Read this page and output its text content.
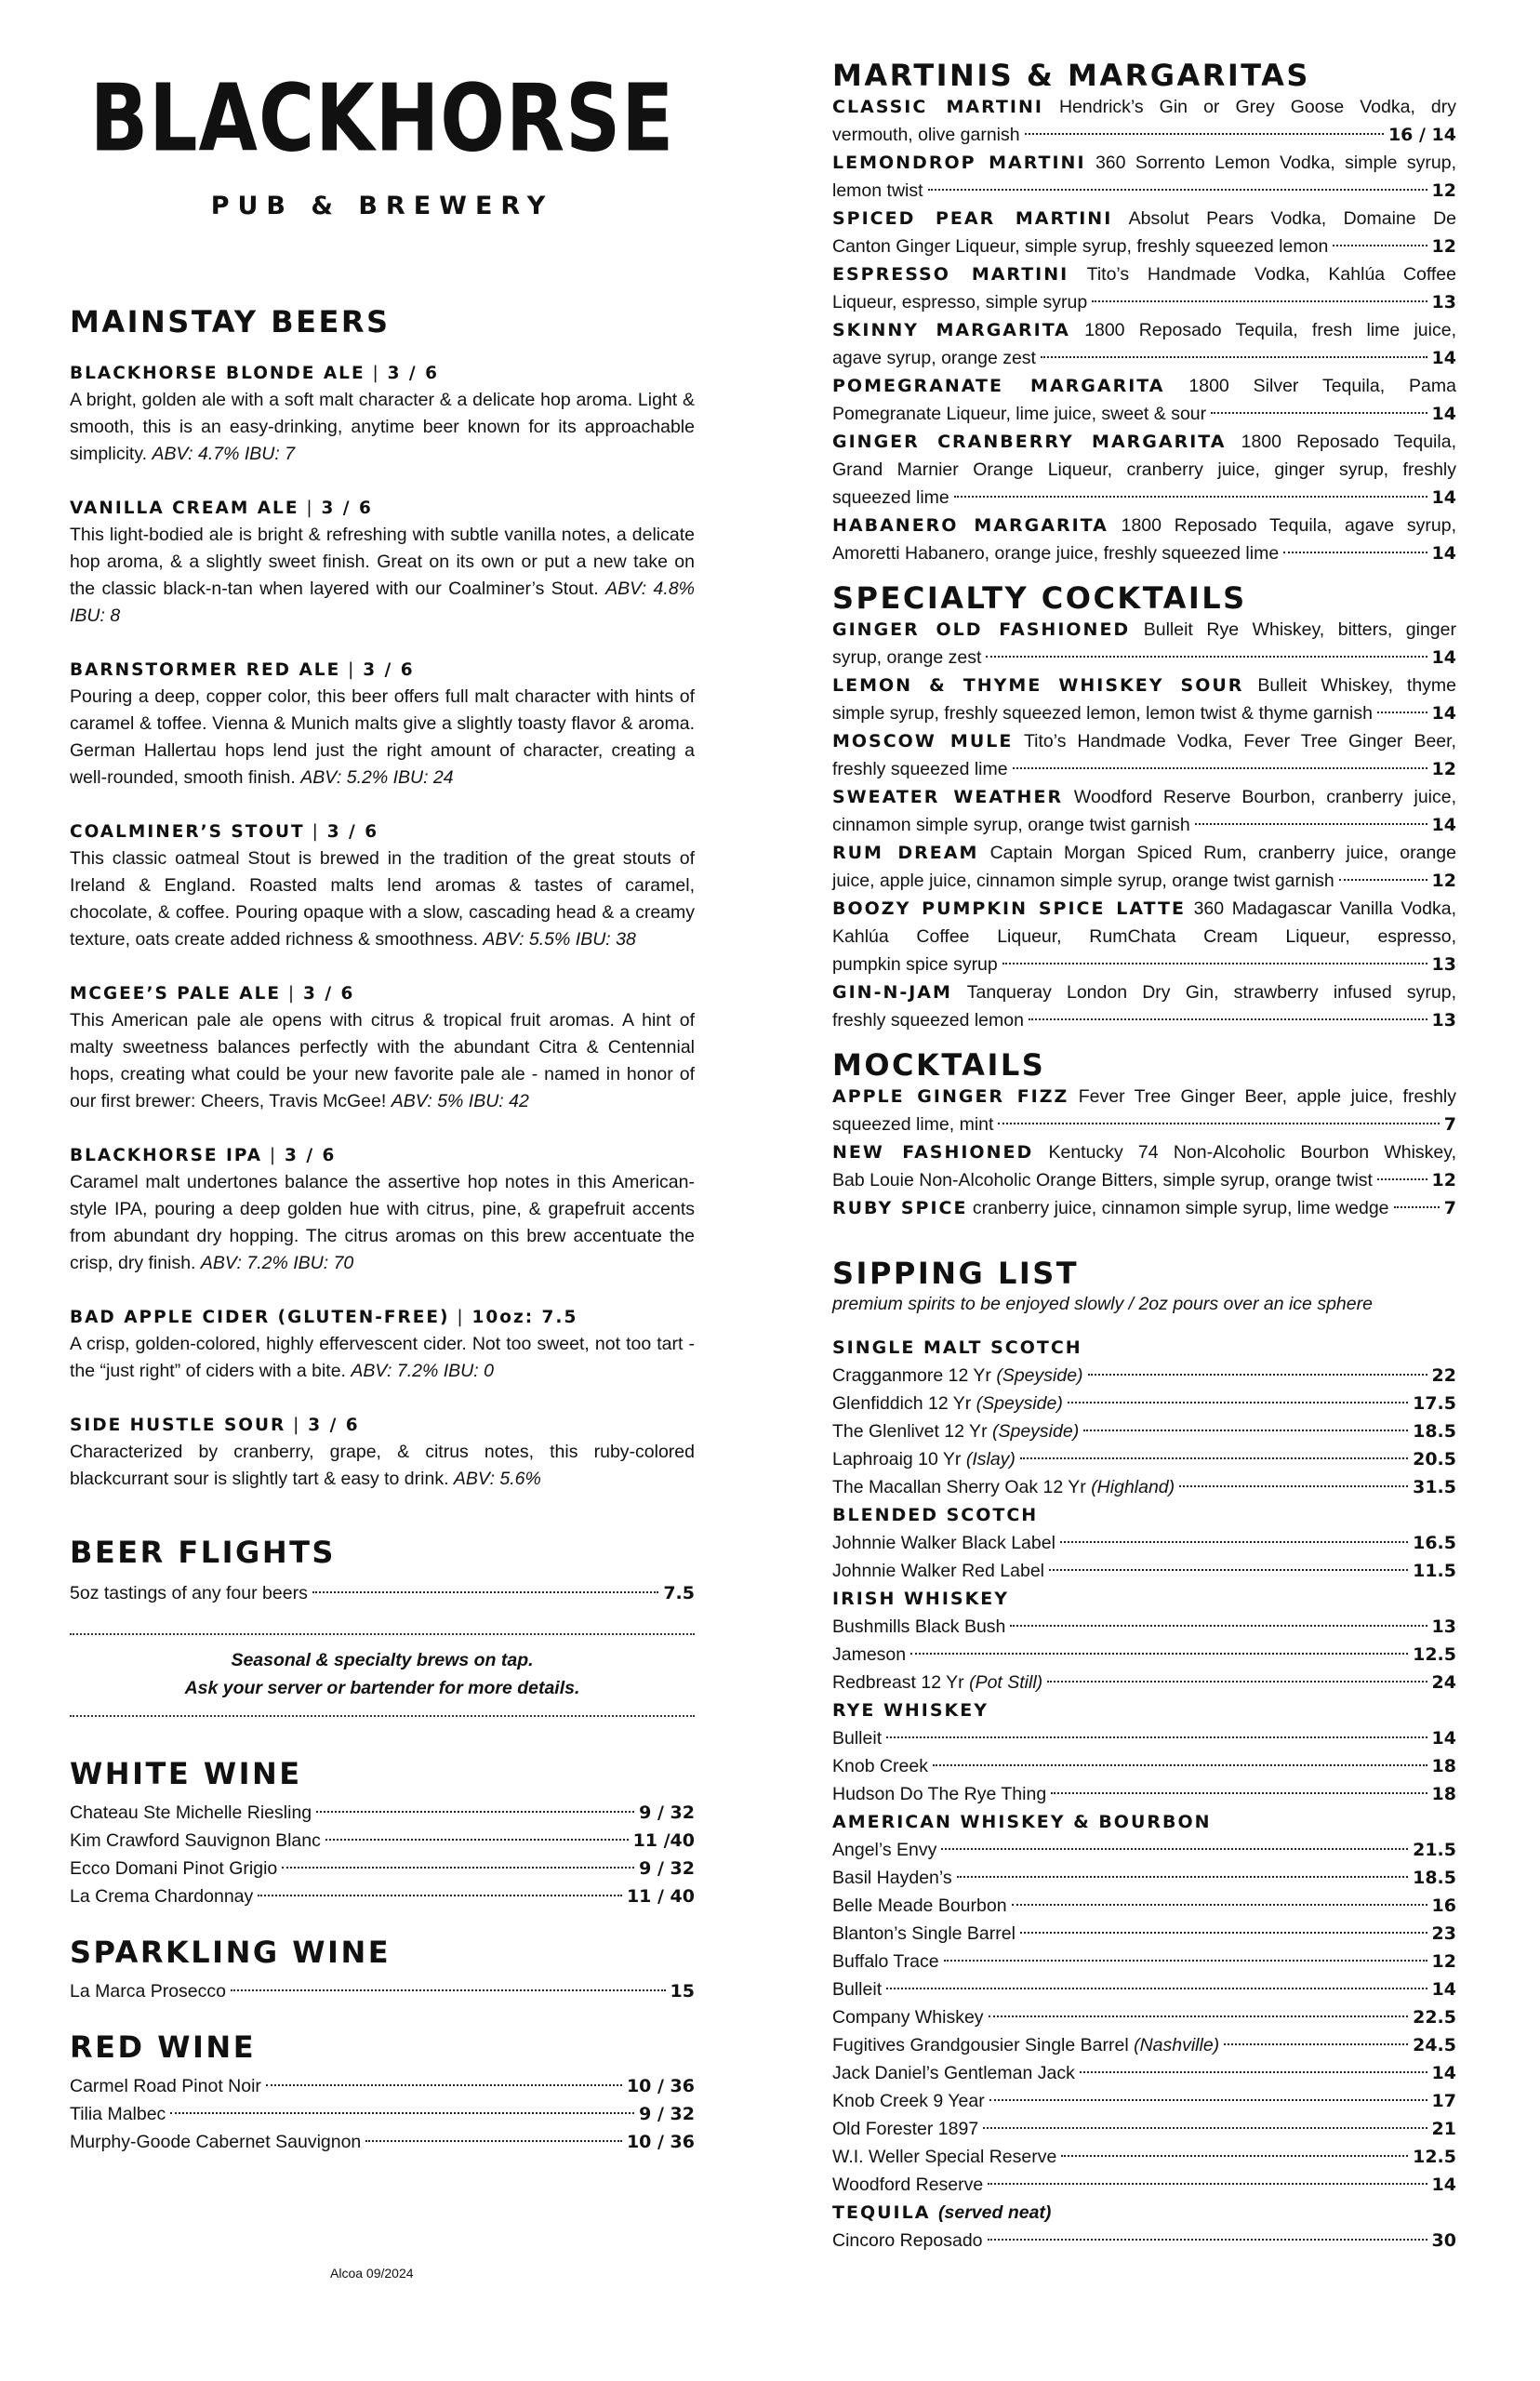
BLACKHORSE
PUB & BREWERY
MAINSTAY BEERS
BLACKHORSE BLONDE ALE | 3 / 6
A bright, golden ale with a soft malt character & a delicate hop aroma. Light & smooth, this is an easy-drinking, anytime beer known for its approachable simplicity. ABV: 4.7% IBU: 7
VANILLA CREAM ALE | 3 / 6
This light-bodied ale is bright & refreshing with subtle vanilla notes, a delicate hop aroma, & a slightly sweet finish. Great on its own or put a new take on the classic black-n-tan when layered with our Coalminer’s Stout. ABV: 4.8% IBU: 8
BARNSTORMER RED ALE | 3 / 6
Pouring a deep, copper color, this beer offers full malt character with hints of caramel & toffee. Vienna & Munich malts give a slightly toasty flavor & aroma. German Hallertau hops lend just the right amount of character, creating a well-rounded, smooth finish. ABV: 5.2% IBU: 24
COALMINER’S STOUT | 3 / 6
This classic oatmeal Stout is brewed in the tradition of the great stouts of Ireland & England. Roasted malts lend aromas & tastes of caramel, chocolate, & coffee. Pouring opaque with a slow, cascading head & a creamy texture, oats create added richness & smoothness. ABV: 5.5% IBU: 38
MCGEE’S PALE ALE | 3 / 6
This American pale ale opens with citrus & tropical fruit aromas. A hint of malty sweetness balances perfectly with the abundant Citra & Centennial hops, creating what could be your new favorite pale ale - named in honor of our first brewer: Cheers, Travis McGee! ABV: 5% IBU: 42
BLACKHORSE IPA | 3 / 6
Caramel malt undertones balance the assertive hop notes in this American-style IPA, pouring a deep golden hue with citrus, pine, & grapefruit accents from abundant dry hopping. The citrus aromas on this brew accentuate the crisp, dry finish. ABV: 7.2% IBU: 70
BAD APPLE CIDER (GLUTEN-FREE) | 10oz: 7.5
A crisp, golden-colored, highly effervescent cider. Not too sweet, not too tart - the “just right” of ciders with a bite. ABV: 7.2% IBU: 0
SIDE HUSTLE SOUR | 3 / 6
Characterized by cranberry, grape, & citrus notes, this ruby-colored blackcurrant sour is slightly tart & easy to drink. ABV: 5.6%
BEER FLIGHTS
5oz tastings of any four beers	7.5
Seasonal & specialty brews on tap.
Ask your server or bartender for more details.
WHITE WINE
Chateau Ste Michelle Riesling	9 / 32
Kim Crawford Sauvignon Blanc	11 /40
Ecco Domani Pinot Grigio	9 / 32
La Crema Chardonnay	11 / 40
SPARKLING WINE
La Marca Prosecco	15
RED WINE
Carmel Road Pinot Noir	10 / 36
Tilia Malbec	9 / 32
Murphy-Goode Cabernet Sauvignon	10 / 36
Alcoa 09/2024
MARTINIS & MARGARITAS
CLASSIC MARTINI Hendrick’s Gin or Grey Goose Vodka, dry
vermouth, olive garnish	16 / 14
LEMONDROP MARTINI 360 Sorrento Lemon Vodka, simple syrup,
lemon twist	12
SPICED PEAR MARTINI Absolut Pears Vodka, Domaine De
Canton Ginger Liqueur, simple syrup, freshly squeezed lemon	12
ESPRESSO MARTINI Tito’s Handmade Vodka, Kahlúa Coffee
Liqueur, espresso, simple syrup	13
SKINNY MARGARITA 1800 Reposado Tequila, fresh lime juice,
agave syrup, orange zest	14
POMEGRANATE MARGARITA 1800 Silver Tequila, Pama
Pomegranate Liqueur, lime juice, sweet & sour	14
GINGER CRANBERRY MARGARITA 1800 Reposado Tequila, Grand Marnier Orange Liqueur, cranberry juice, ginger syrup, freshly
squeezed lime	14
HABANERO MARGARITA 1800 Reposado Tequila, agave syrup,
Amoretti Habanero, orange juice, freshly squeezed lime	14
SPECIALTY COCKTAILS
GINGER OLD FASHIONED Bulleit Rye Whiskey, bitters, ginger
syrup, orange zest	14
LEMON & THYME WHISKEY SOUR Bulleit Whiskey, thyme
simple syrup, freshly squeezed lemon, lemon twist & thyme garnish	14
MOSCOW MULE Tito’s Handmade Vodka, Fever Tree Ginger Beer,
freshly squeezed lime	12
SWEATER WEATHER Woodford Reserve Bourbon, cranberry juice,
cinnamon simple syrup, orange twist garnish	14
RUM DREAM Captain Morgan Spiced Rum, cranberry juice, orange
juice, apple juice, cinnamon simple syrup, orange twist garnish	12
BOOZY PUMPKIN SPICE LATTE 360 Madagascar Vanilla Vodka, Kahlúa Coffee Liqueur, RumChata Cream Liqueur, espresso,
pumpkin spice syrup	13
GIN-N-JAM Tanqueray London Dry Gin, strawberry infused syrup,
freshly squeezed lemon	13
MOCKTAILS
APPLE GINGER FIZZ Fever Tree Ginger Beer, apple juice, freshly
squeezed lime, mint	7
NEW FASHIONED Kentucky 74 Non-Alcoholic Bourbon Whiskey,
Bab Louie Non-Alcoholic Orange Bitters, simple syrup, orange twist	12
RUBY SPICE
cranberry juice, cinnamon simple syrup, lime wedge	7
SIPPING LIST
premium spirits to be enjoyed slowly / 2oz pours over an ice sphere
SINGLE MALT SCOTCH
Cragganmore 12 Yr (Speyside)	22
Glenfiddich 12 Yr (Speyside)	17.5
The Glenlivet 12 Yr (Speyside)	18.5
Laphroaig 10 Yr (Islay)	20.5
The Macallan Sherry Oak 12 Yr (Highland)	31.5
BLENDED SCOTCH
Johnnie Walker Black Label	16.5
Johnnie Walker Red Label	11.5
IRISH WHISKEY
Bushmills Black Bush	13
Jameson	12.5
Redbreast 12 Yr (Pot Still)	24
RYE WHISKEY
Bulleit	14
Knob Creek	18
Hudson Do The Rye Thing	18
AMERICAN WHISKEY & BOURBON
Angel’s Envy	21.5
Basil Hayden’s	18.5
Belle Meade Bourbon	16
Blanton’s Single Barrel	23
Buffalo Trace	12
Bulleit	14
Company Whiskey	22.5
Fugitives Grandgousier Single Barrel (Nashville)	24.5
Jack Daniel’s Gentleman Jack	14
Knob Creek 9 Year	17
Old Forester 1897	21
W.I. Weller Special Reserve	12.5
Woodford Reserve	14
TEQUILA (served neat)
Cincoro Reposado	30
